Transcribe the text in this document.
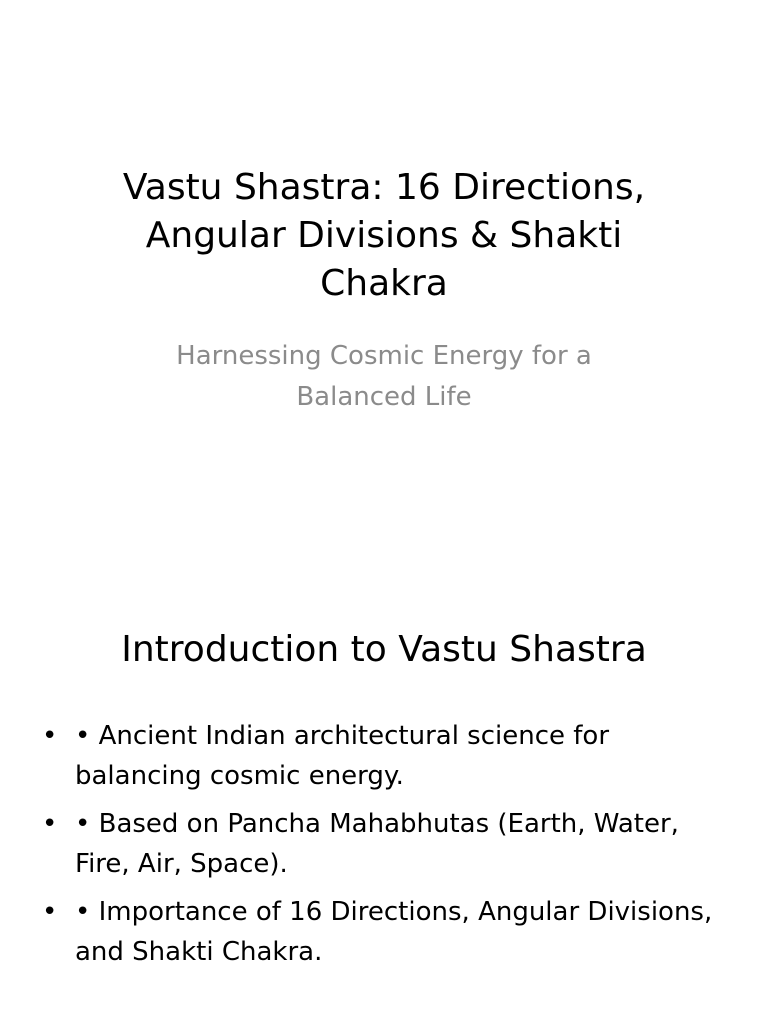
Vastu Shastra: 16 Directions, Angular Divisions & Shakti Chakra

Harnessing Cosmic Energy for a Balanced Life

Introduction to Vastu Shastra
• • Ancient Indian architectural science for balancing cosmic energy.
• • Based on Pancha Mahabhutas (Earth, Water, Fire, Air, Space).
• • Importance of 16 Directions, Angular Divisions, and Shakti Chakra.
